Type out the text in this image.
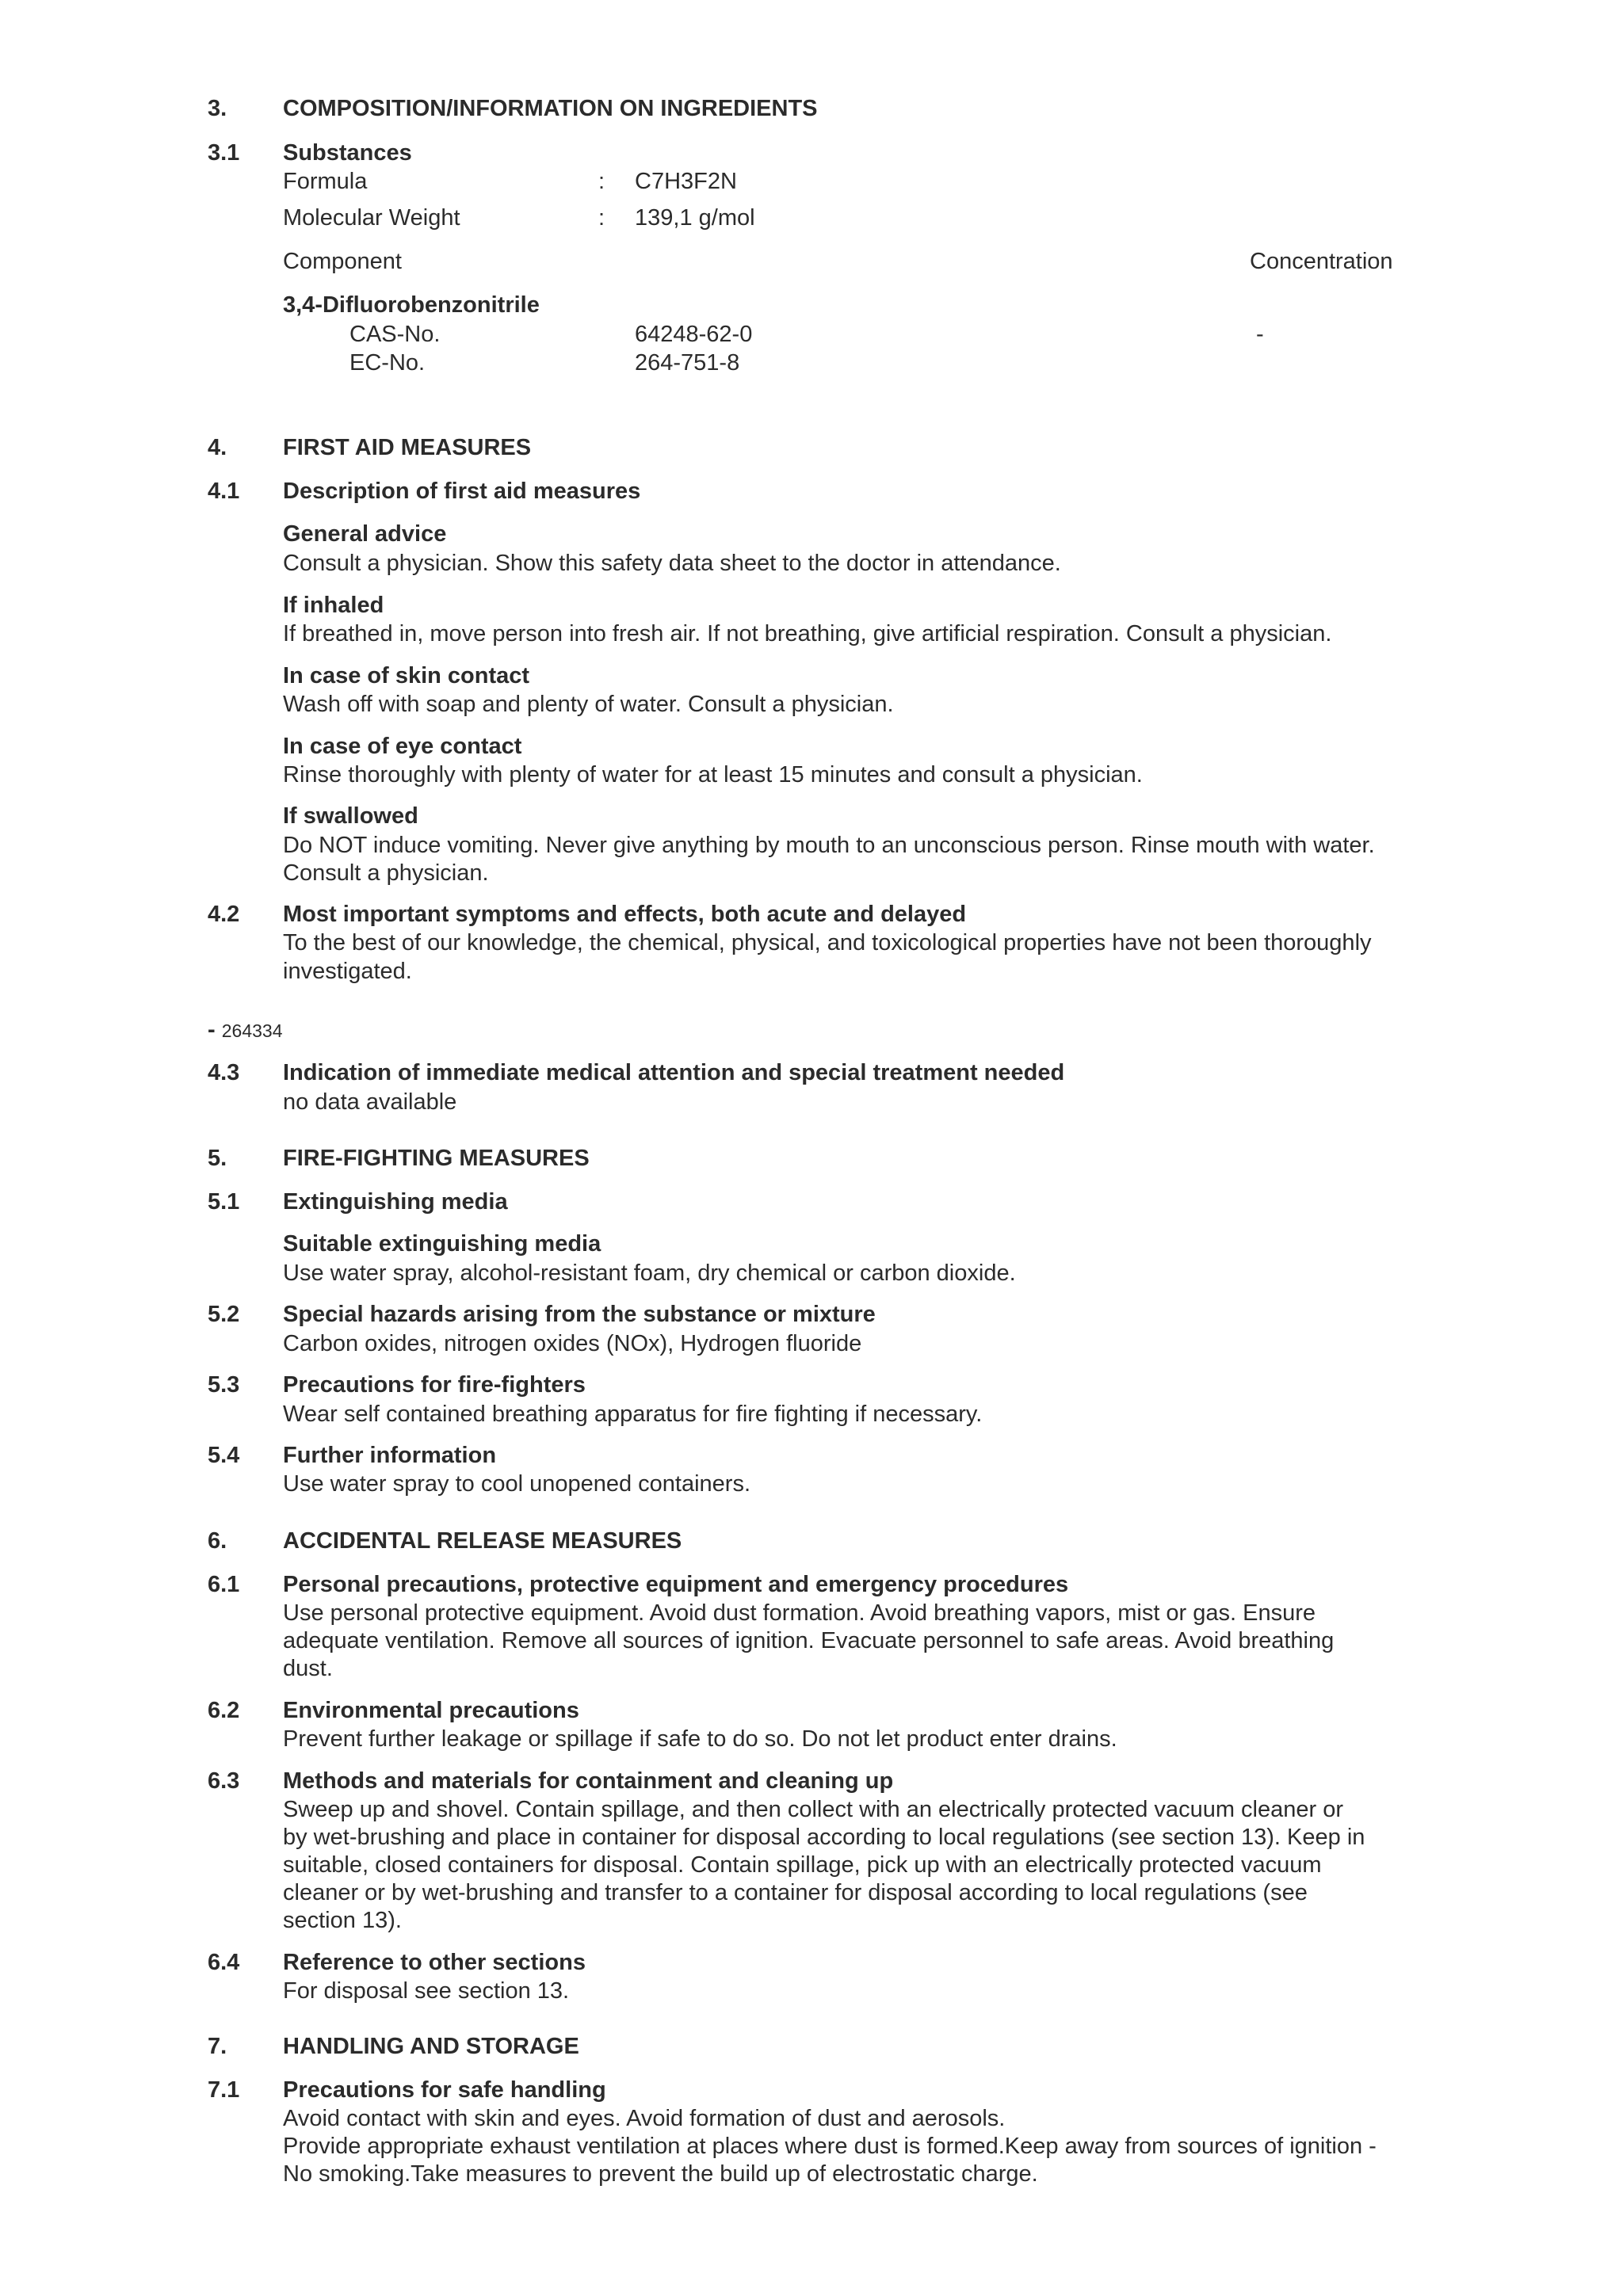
3. COMPOSITION/INFORMATION ON INGREDIENTS
3.1 Substances
Formula	: C7H3F2N
Molecular Weight	: 139,1 g/mol
Component	Concentration
3,4-Difluorobenzonitrile
CAS-No.	64248-62-0	-
EC-No.	264-751-8
4. FIRST AID MEASURES
4.1 Description of first aid measures
General advice
Consult a physician. Show this safety data sheet to the doctor in attendance.
If inhaled
If breathed in, move person into fresh air. If not breathing, give artificial respiration. Consult a physician.
In case of skin contact
Wash off with soap and plenty of water. Consult a physician.
In case of eye contact
Rinse thoroughly with plenty of water for at least 15 minutes and consult a physician.
If swallowed
Do NOT induce vomiting. Never give anything by mouth to an unconscious person. Rinse mouth with water.
Consult a physician.
4.2 Most important symptoms and effects, both acute and delayed
To the best of our knowledge, the chemical, physical, and toxicological properties have not been thoroughly
investigated.
- 264334
4.3 Indication of immediate medical attention and special treatment needed
no data available
5. FIRE-FIGHTING MEASURES
5.1 Extinguishing media
Suitable extinguishing media
Use water spray, alcohol-resistant foam, dry chemical or carbon dioxide.
5.2 Special hazards arising from the substance or mixture
Carbon oxides, nitrogen oxides (NOx), Hydrogen fluoride
5.3 Precautions for fire-fighters
Wear self contained breathing apparatus for fire fighting if necessary.
5.4 Further information
Use water spray to cool unopened containers.
6. ACCIDENTAL RELEASE MEASURES
6.1 Personal precautions, protective equipment and emergency procedures
Use personal protective equipment. Avoid dust formation. Avoid breathing vapors, mist or gas. Ensure
adequate ventilation. Remove all sources of ignition. Evacuate personnel to safe areas. Avoid breathing
dust.
6.2 Environmental precautions
Prevent further leakage or spillage if safe to do so. Do not let product enter drains.
6.3 Methods and materials for containment and cleaning up
Sweep up and shovel. Contain spillage, and then collect with an electrically protected vacuum cleaner or
by wet-brushing and place in container for disposal according to local regulations (see section 13). Keep in
suitable, closed containers for disposal. Contain spillage, pick up with an electrically protected vacuum
cleaner or by wet-brushing and transfer to a container for disposal according to local regulations (see
section 13).
6.4 Reference to other sections
For disposal see section 13.
7. HANDLING AND STORAGE
7.1 Precautions for safe handling
Avoid contact with skin and eyes. Avoid formation of dust and aerosols.
Provide appropriate exhaust ventilation at places where dust is formed.Keep away from sources of ignition -
No smoking.Take measures to prevent the build up of electrostatic charge.
